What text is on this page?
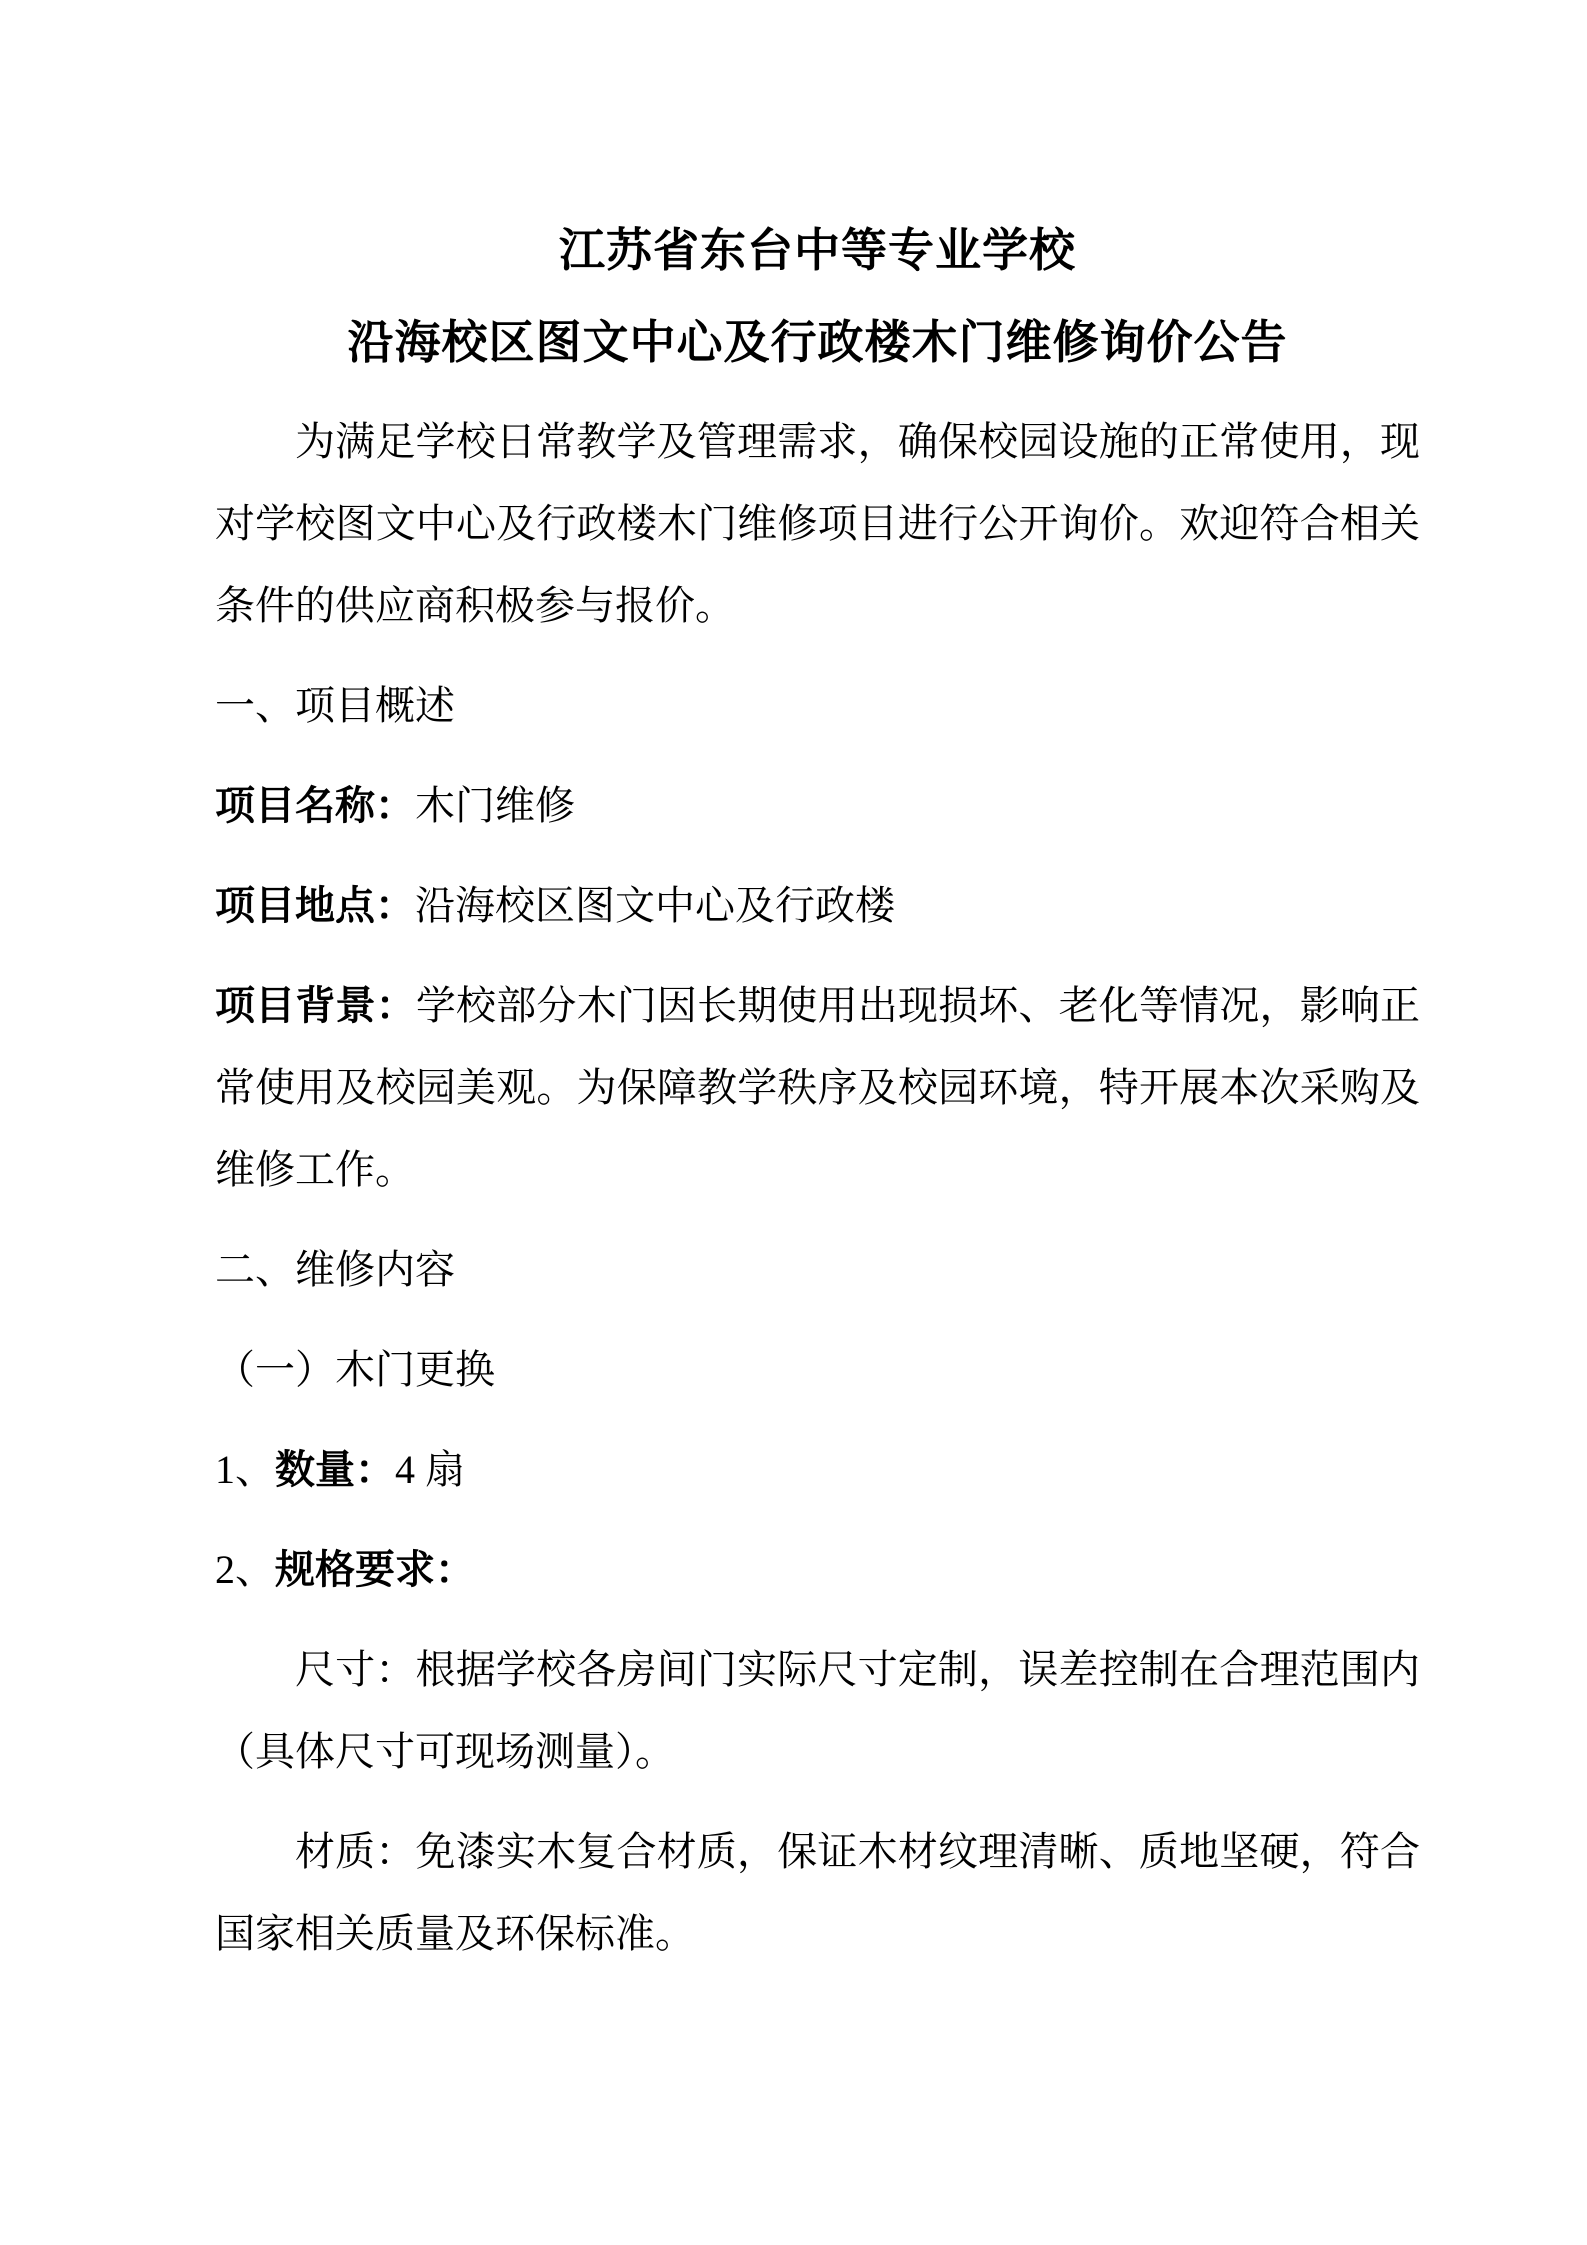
江苏省东台中等专业学校
沿海校区图文中心及行政楼木门维修询价公告

为满足学校日常教学及管理需求，确保校园设施的正常使用，现对学校图文中心及行政楼木门维修项目进行公开询价。欢迎符合相关条件的供应商积极参与报价。

一、项目概述

项目名称：木门维修

项目地点：沿海校区图文中心及行政楼

项目背景：学校部分木门因长期使用出现损坏、老化等情况，影响正常使用及校园美观。为保障教学秩序及校园环境，特开展本次采购及维修工作。

二、维修内容

（一）木门更换

1、数量：4 扇

2、规格要求：

尺寸：根据学校各房间门实际尺寸定制，误差控制在合理范围内（具体尺寸可现场测量）。

材质：免漆实木复合材质，保证木材纹理清晰、质地坚硬，符合国家相关质量及环保标准。
